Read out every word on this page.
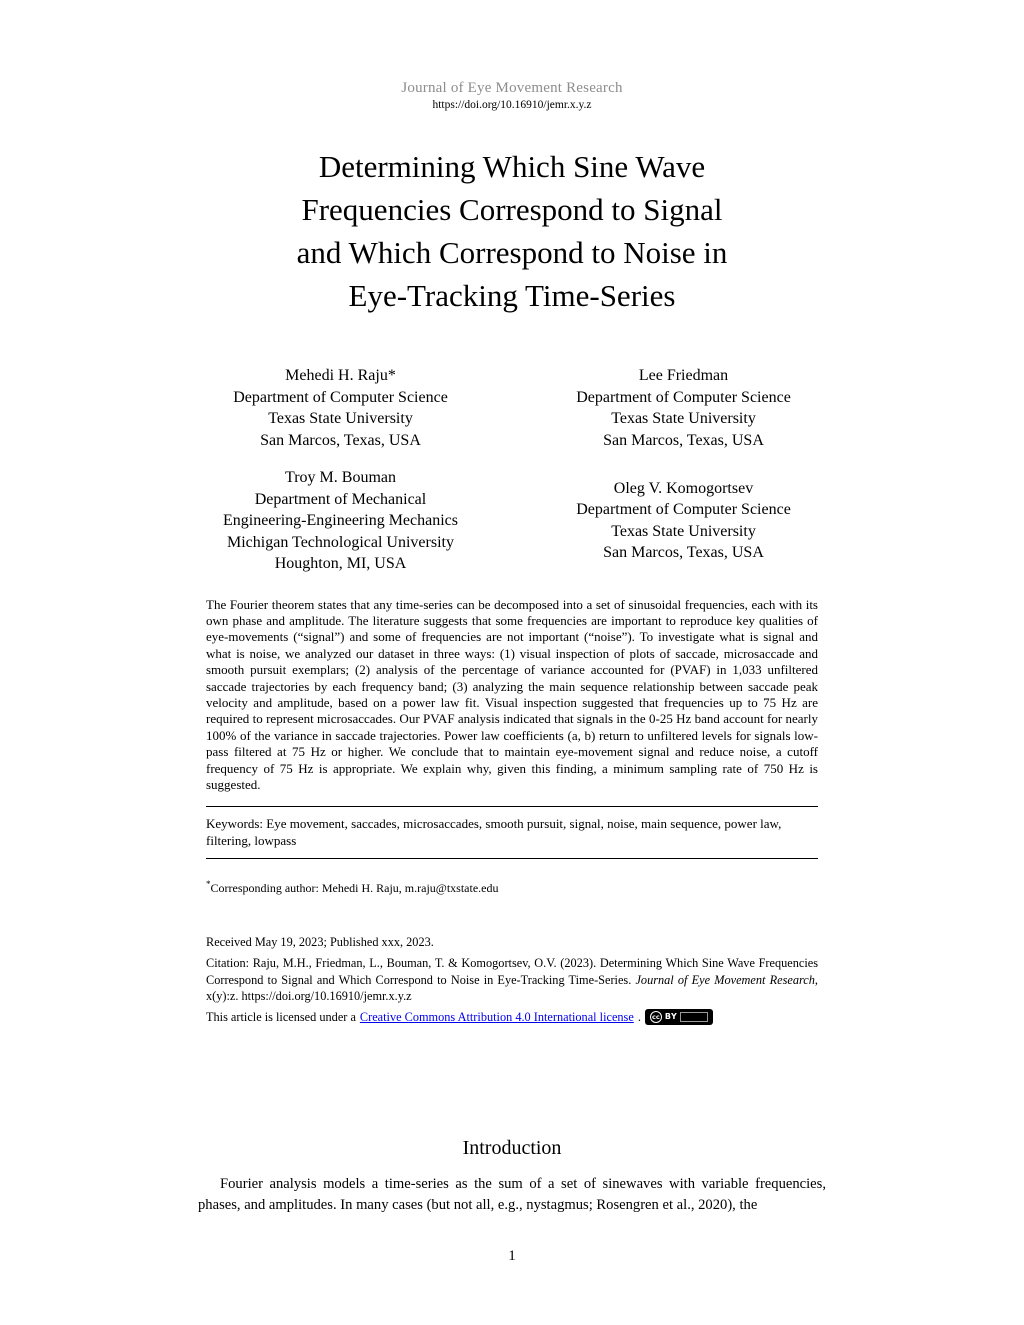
Journal of Eye Movement Research
https://doi.org/10.16910/jemr.x.y.z
Determining Which Sine Wave
Frequencies Correspond to Signal
and Which Correspond to Noise in
Eye-Tracking Time-Series
Mehedi H. Raju*
Department of Computer Science
Texas State University
San Marcos, Texas, USA
Lee Friedman
Department of Computer Science
Texas State University
San Marcos, Texas, USA
Troy M. Bouman
Department of Mechanical
Engineering-Engineering Mechanics
Michigan Technological University
Houghton, MI, USA
Oleg V. Komogortsev
Department of Computer Science
Texas State University
San Marcos, Texas, USA
The Fourier theorem states that any time-series can be decomposed into a set of sinusoidal frequencies, each with its own phase and amplitude. The literature suggests that some frequencies are important to reproduce key qualities of eye-movements (“signal”) and some of frequencies are not important (“noise”). To investigate what is signal and what is noise, we analyzed our dataset in three ways: (1) visual inspection of plots of saccade, microsaccade and smooth pursuit exemplars; (2) analysis of the percentage of variance accounted for (PVAF) in 1,033 unfiltered saccade trajectories by each frequency band; (3) analyzing the main sequence relationship between saccade peak velocity and amplitude, based on a power law fit. Visual inspection suggested that frequencies up to 75 Hz are required to represent microsaccades. Our PVAF analysis indicated that signals in the 0-25 Hz band account for nearly 100% of the variance in saccade trajectories. Power law coefficients (a, b) return to unfiltered levels for signals low-pass filtered at 75 Hz or higher. We conclude that to maintain eye-movement signal and reduce noise, a cutoff frequency of 75 Hz is appropriate. We explain why, given this finding, a minimum sampling rate of 750 Hz is suggested.
Keywords: Eye movement, saccades, microsaccades, smooth pursuit, signal, noise, main sequence, power law, filtering, lowpass
*Corresponding author: Mehedi H. Raju, m.raju@txstate.edu
Received May 19, 2023; Published xxx, 2023.
Citation: Raju, M.H., Friedman, L., Bouman, T. & Komogortsev, O.V. (2023). Determining Which Sine Wave Frequencies Correspond to Signal and Which Correspond to Noise in Eye-Tracking Time-Series. Journal of Eye Movement Research, x(y):z. https://doi.org/10.16910/jemr.x.y.z
This article is licensed under a Creative Commons Attribution 4.0 International license .	cc BY
Introduction
Fourier analysis models a time-series as the sum of a set of sinewaves with variable frequencies, phases, and amplitudes. In many cases (but not all, e.g., nystagmus; Rosengren et al., 2020), the
1
